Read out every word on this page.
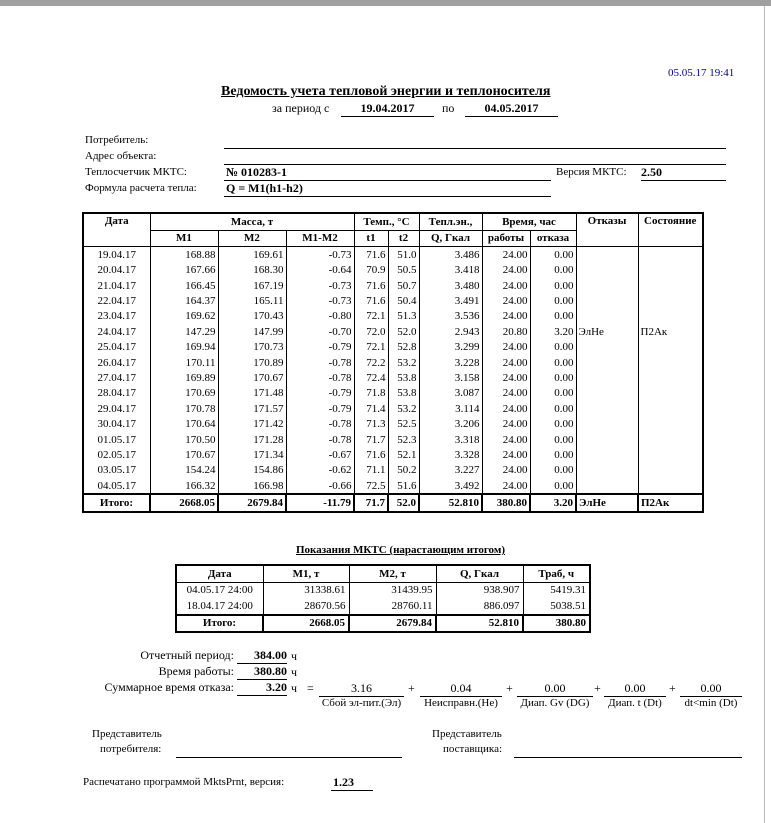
05.05.17 19:41
Ведомость учета тепловой энергии и теплоносителя
за период с	19.04.2017	по	04.05.2017
Потребитель:
Адрес объекта:
Теплосчетчик МКТС:	№ 010283-1	Версия МКТС: 2.50
Формула расчета тепла: Q = M1(h1-h2)
Дата	Масса, т			Темп., °С		Тепл.эн.,	Время, час		Отказы	Состояние
	M1	M2	M1-M2	t1	t2	Q, Гкал	работы	отказа		
19.04.17	168.88	169.61	-0.73	71.6	51.0	3.486	24.00	0.00		
20.04.17	167.66	168.30	-0.64	70.9	50.5	3.418	24.00	0.00		
21.04.17	166.45	167.19	-0.73	71.6	50.7	3.480	24.00	0.00		
22.04.17	164.37	165.11	-0.73	71.6	50.4	3.491	24.00	0.00		
23.04.17	169.62	170.43	-0.80	72.1	51.3	3.536	24.00	0.00		
24.04.17	147.29	147.99	-0.70	72.0	52.0	2.943	20.80	3.20	ЭлНе	П2Ак
25.04.17	169.94	170.73	-0.79	72.1	52.8	3.299	24.00	0.00		
26.04.17	170.11	170.89	-0.78	72.2	53.2	3.228	24.00	0.00		
27.04.17	169.89	170.67	-0.78	72.4	53.8	3.158	24.00	0.00		
28.04.17	170.69	171.48	-0.79	71.8	53.8	3.087	24.00	0.00		
29.04.17	170.78	171.57	-0.79	71.4	53.2	3.114	24.00	0.00		
30.04.17	170.64	171.42	-0.78	71.3	52.5	3.206	24.00	0.00		
01.05.17	170.50	171.28	-0.78	71.7	52.3	3.318	24.00	0.00		
02.05.17	170.67	171.34	-0.67	71.6	52.1	3.328	24.00	0.00		
03.05.17	154.24	154.86	-0.62	71.1	50.2	3.227	24.00	0.00		
04.05.17	166.32	166.98	-0.66	72.5	51.6	3.492	24.00	0.00		
Итого:	2668.05	2679.84	-11.79	71.7	52.0	52.810	380.80	3.20	ЭлНе	П2Ак
Показания МКТС (нарастающим итогом)
Дата	M1, т	M2, т	Q, Гкал	Траб, ч
04.05.17 24:00	31338.61	31439.95	938.907	5419.31
18.04.17 24:00	28670.56	28760.11	886.097	5038.51
Итого:	2668.05	2679.84	52.810	380.80
Отчетный период:	384.00 ч
Время работы:	380.80 ч
Суммарное время отказа:	3.20 ч =	3.16
Сбой эл-пит.(Эл)
+	0.04
Неисправн.(Не)
+	0.00
Диап. Gv (DG)
+	0.00
Диап. t (Dt)
+	0.00
dt<min (Dt)
Представитель
потребителя:
Представитель
поставщика:
Распечатано программой MktsPrnt, версия:	1.23
